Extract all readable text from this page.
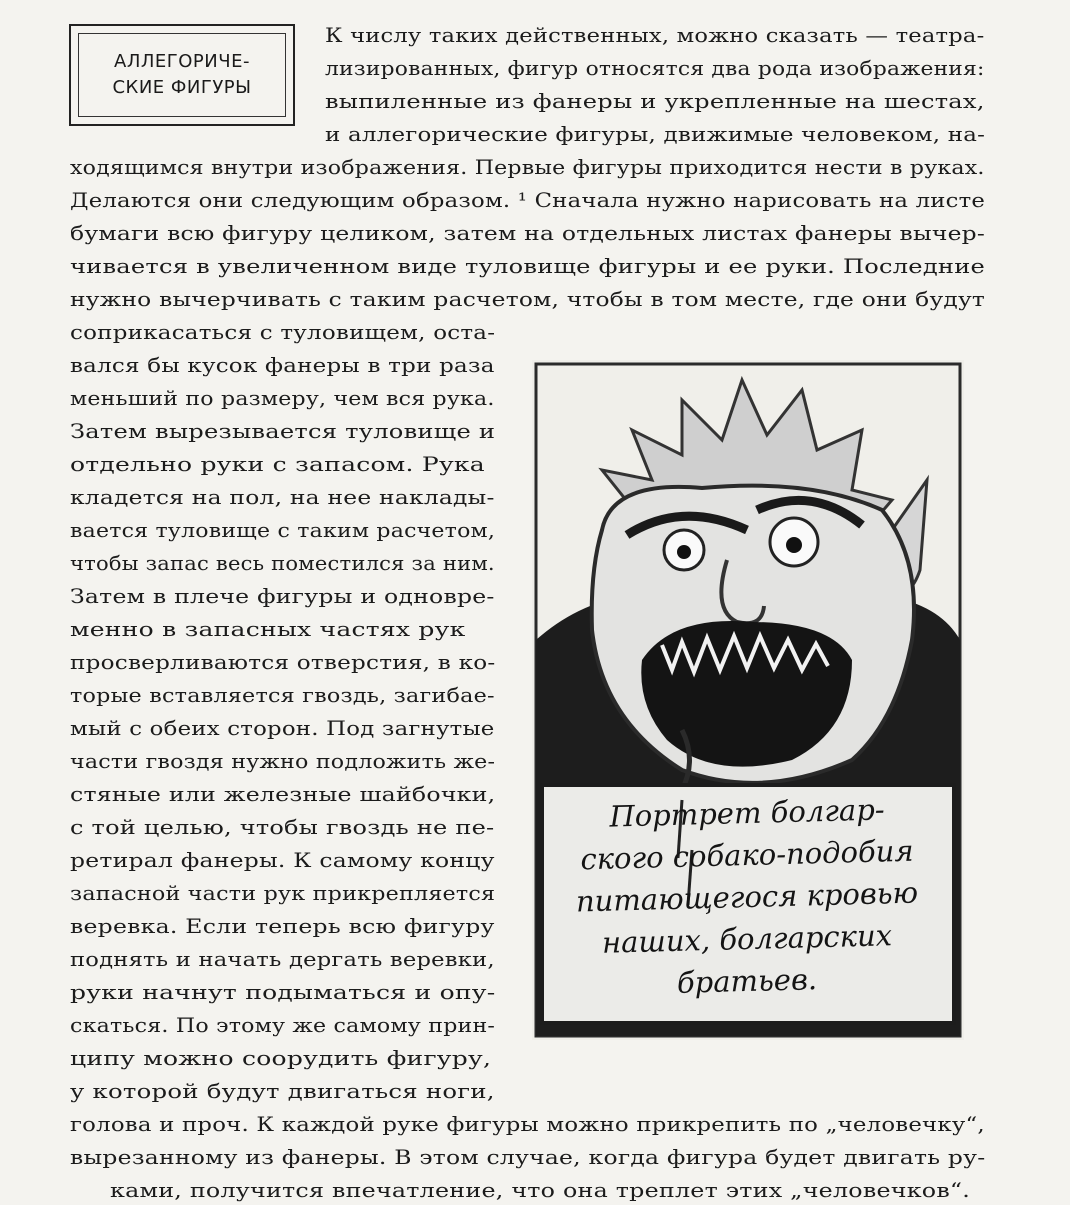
АЛЛЕГОРИЧЕ-
СКИЕ ФИГУРЫ
К числу таких действенных, можно сказать — театра-
лизированных, фигур относятся два рода изображения:
выпиленные из фанеры и укрепленные на шестах,
и аллегорические фигуры, движимые человеком, на-
ходящимся внутри изображения. Первые фигуры приходится нести в руках.
Делаются они следующим образом. ¹ Сначала нужно нарисовать на листе
бумаги всю фигуру целиком, затем на отдельных листах фанеры вычер-
чивается в увеличенном виде туловище фигуры и ее руки. Последние
нужно вычерчивать с таким расчетом, чтобы в том месте, где они будут
соприкасаться с туловищем, оста-
вался бы кусок фанеры в три раза
меньший по размеру, чем вся рука.
Затем вырезывается туловище и
отдельно руки с запасом. Рука
кладется на пол, на нее наклады-
вается туловище с таким расчетом,
чтобы запас весь поместился за ним.
Затем в плече фигуры и одновре-
менно в запасных частях рук
просверливаются отверстия, в ко-
торые вставляется гвоздь, загибае-
мый с обеих сторон. Под загнутые
части гвоздя нужно подложить же-
стяные или железные шайбочки,
с той целью, чтобы гвоздь не пе-
ретирал фанеры. К самому концу
запасной части рук прикрепляется
веревка. Если теперь всю фигуру
поднять и начать дергать веревки,
руки начнут подыматься и опу-
скаться. По этому же самому прин-
ципу можно соорудить фигуру,
у которой будут двигаться ноги,
голова и проч. К каждой руке фигуры можно прикрепить по „человечку“,
вырезанному из фанеры. В этом случае, когда фигура будет двигать ру-
ками, получится впечатление, что она треплет этих „человечков“.
Портрет болгар-
ского собако-подобия
питающегося кровью
наших, болгарских
братьев.
